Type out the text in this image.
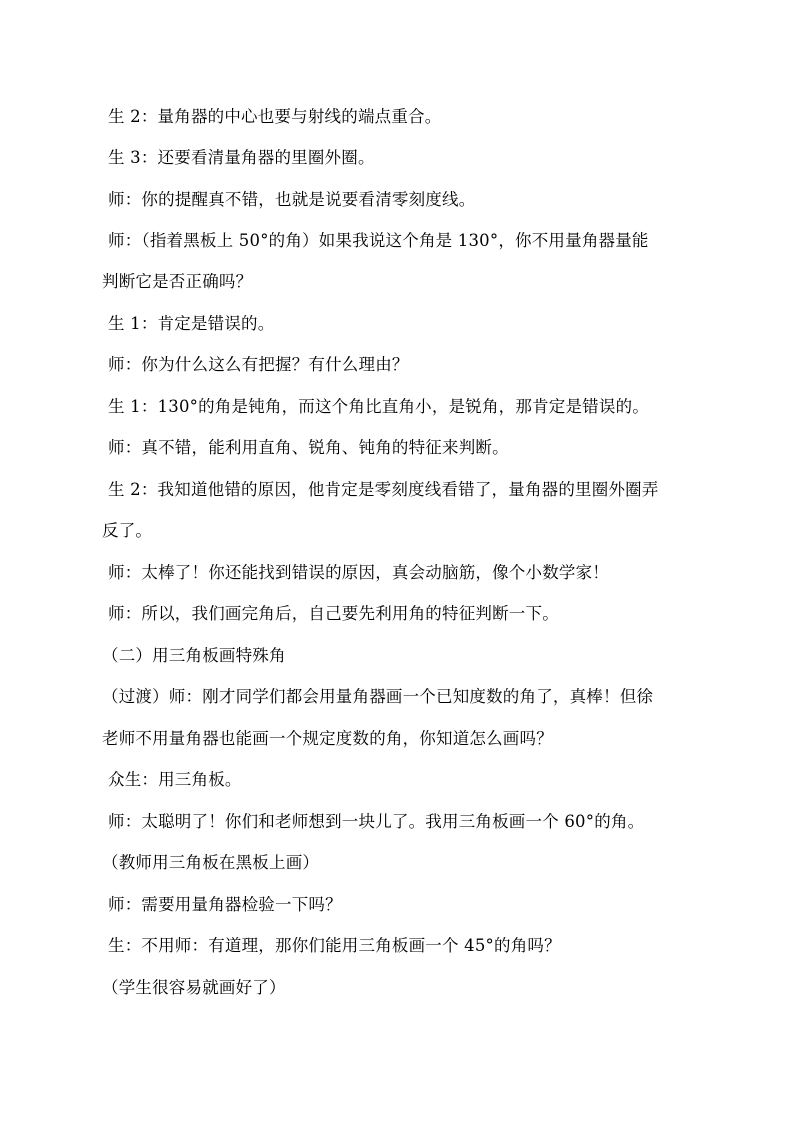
生 2：量角器的中心也要与射线的端点重合。
生 3：还要看清量角器的里圈外圈。
师：你的提醒真不错，也就是说要看清零刻度线。
师：（指着黑板上 50°的角）如果我说这个角是 130°，你不用量角器量能
判断它是否正确吗？
生 1：肯定是错误的。
师：你为什么这么有把握？有什么理由？
生 1：130°的角是钝角，而这个角比直角小，是锐角，那肯定是错误的。
师：真不错，能利用直角、锐角、钝角的特征来判断。
生 2：我知道他错的原因，他肯定是零刻度线看错了，量角器的里圈外圈弄
反了。
师：太棒了！你还能找到错误的原因，真会动脑筋，像个小数学家！
师：所以，我们画完角后，自己要先利用角的特征判断一下。
（二）用三角板画特殊角
（过渡）师：刚才同学们都会用量角器画一个已知度数的角了，真棒！但徐
老师不用量角器也能画一个规定度数的角，你知道怎么画吗？
众生：用三角板。
师：太聪明了！你们和老师想到一块儿了。我用三角板画一个 60°的角。
（教师用三角板在黑板上画）
师：需要用量角器检验一下吗？
生：不用师：有道理，那你们能用三角板画一个 45°的角吗？
（学生很容易就画好了）
